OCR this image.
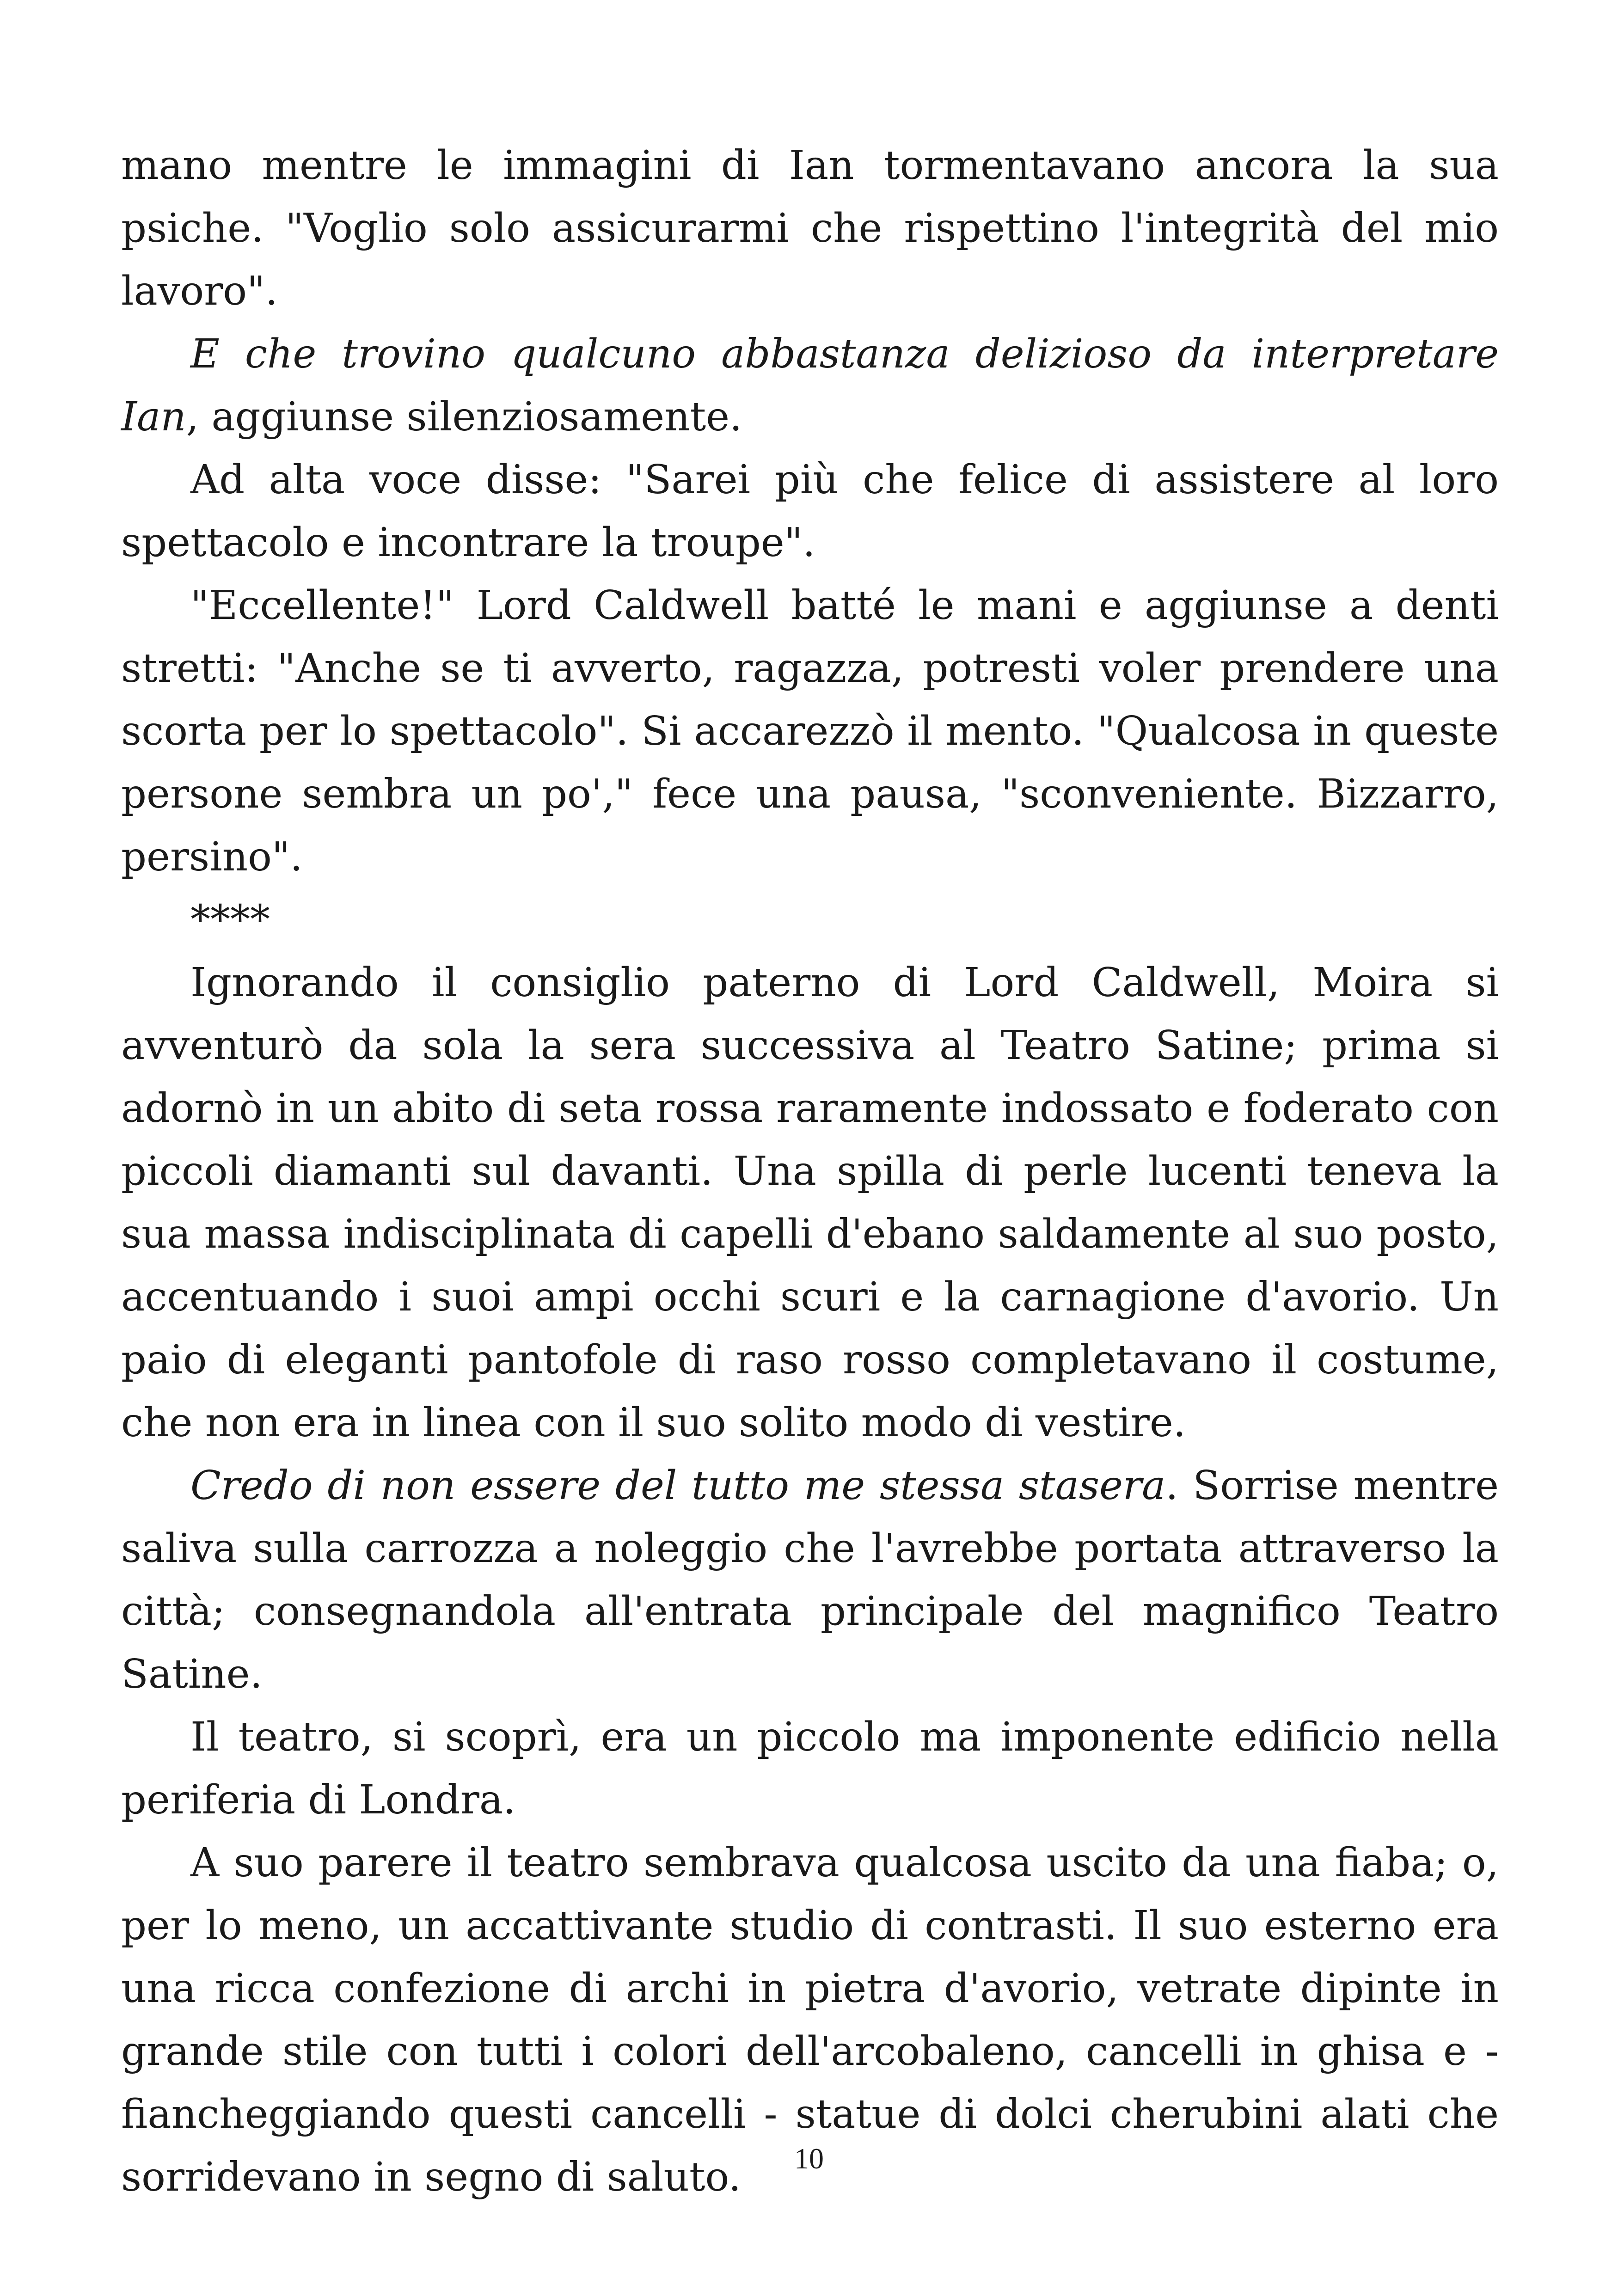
mano mentre le immagini di Ian tormentavano ancora la sua psiche. "Voglio solo assicurarmi che rispettino l'integrità del mio lavoro".

E che trovino qualcuno abbastanza delizioso da interpretare Ian, aggiunse silenziosamente.

Ad alta voce disse: "Sarei più che felice di assistere al loro spettacolo e incontrare la troupe".

"Eccellente!" Lord Caldwell batté le mani e aggiunse a denti stretti: "Anche se ti avverto, ragazza, potresti voler prendere una scorta per lo spettacolo". Si accarezzò il mento. "Qualcosa in queste persone sembra un po'," fece una pausa, "sconveniente. Bizzarro, persino".

****

Ignorando il consiglio paterno di Lord Caldwell, Moira si avventurò da sola la sera successiva al Teatro Satine; prima si adornò in un abito di seta rossa raramente indossato e foderato con piccoli diamanti sul davanti. Una spilla di perle lucenti teneva la sua massa indisciplinata di capelli d'ebano saldamente al suo posto, accentuando i suoi ampi occhi scuri e la carnagione d'avorio. Un paio di eleganti pantofole di raso rosso completavano il costume, che non era in linea con il suo solito modo di vestire.

Credo di non essere del tutto me stessa stasera. Sorrise mentre saliva sulla carrozza a noleggio che l'avrebbe portata attraverso la città; consegnandola all'entrata principale del magnifico Teatro Satine.

Il teatro, si scoprì, era un piccolo ma imponente edificio nella periferia di Londra.

A suo parere il teatro sembrava qualcosa uscito da una fiaba; o, per lo meno, un accattivante studio di contrasti. Il suo esterno era una ricca confezione di archi in pietra d'avorio, vetrate dipinte in grande stile con tutti i colori dell'arcobaleno, cancelli in ghisa e - fiancheggiando questi cancelli - statue di dolci cherubini alati che sorridevano in segno di saluto.	10
